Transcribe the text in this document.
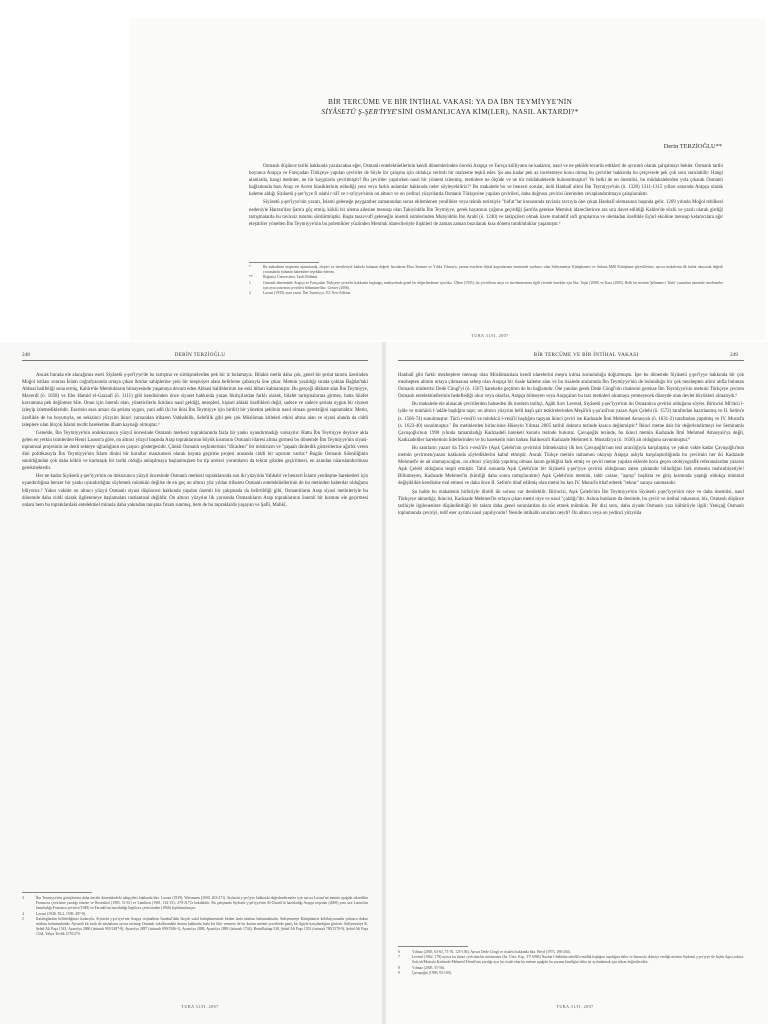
BİR TERCÜME VE BİR İNTİHAL VAKASI: YA DA İBN TEYMİYYE'NİN
SİYÂSETÜ Ş-ŞER'İYYE'SİNİ OSMANLICAYA KİM(LER), NASIL AKTARDI?*
Derin TERZİOĞLU**

Osmanlı düşünce tarihi hakkında yazılacaksa eğer, Osmanlı entelektüellerinin kendi dönemlerinden önceki Arapça ve Farsça külliyatın ne kadarını, nasıl ve ne şekilde tevarüs ettikleri de ayrıntılı olarak çalışılmayı bekler. Osmanlı tarihi boyunca Arapça ve Farsçadan Türkçeye yapılan çeviriler de böyle bir çalışma için oldukça verimli bir malzeme teşkil eder. Şu ana kadar pek az incelemeye konu olmuş bu çeviriler hakkında bu çerçevede pek çok soru sorulabilir: Hangi alanlarda, hangi metinler, ne tür kaygılarla çevrilmiştir? Bu çeviriler yapılırken nasıl bir yöntem izlenmiş, metinlere ne ölçüde ve ne tür müdahalelerde bulunulmuştur? Ve belki de en önemlisi, bu müdahalelerden yola çıkarak Osmanlı bağlamında bazı Arap ve Acem klasiklerinin edindiği yeni veya farklı anlamlar hakkında neler söyleyebiliriz?¹ Bu makalede bu ve benzeri sorular, ünlü Hanbalî alimi İbn Teymiyye'nin (ö. 1328) 1311-1315 yılları arasında Arapça olarak kaleme aldığı Siyâsetü ş-şer'iyye fi ıslahi r-râ'î ve r-ra'iyye'sinin on altıncı ve on yedinci yüzyıllarda Osmanlı Türkçesine yapılan çevirileri, daha doğrusu çevirisi üzerinden cevaplandırılmaya çalışılacaktır.

Siyâsetü ş-şer'iyye'nin yazarı, İslami geleneğe peygamber zamanından sonra eklemlenen yenilikler veya teknik terimiyle "bid'at"lar konusunda tavizsiz tavrıyla öne çıkan Hanbalî ulemasının başında gelir. 1269 yılında Moğol tehlikesi nedeniyle Harran'dan Şam'a göç etmiş, köklü bir ulema ailesine mensup olan Takiyüddin İbn Teymiyye, gerek hayatının çoğunu geçirdiği Şam'da gerekse Memluk idarecilerince ara sıra davet edildiği Kahire'de sözlü ve yazılı olarak girdiği tartışmalarda bu tavizsiz tutumu sürdürmüştür. Başta tasavvufî geleneğin önemli isimlerinden Muhyiddin İbn Arabî (ö. 1240) ve takipçileri olmak üzere muhtelif sufi gruplarına ve ulemadan özellikle Eş'arî ekolüne mensup kelamcılara ağır eleştiriler yönelten İbn Teymiyye'nin bu polemikler yüzünden Memluk idarecileriyle ilişkileri de zaman zaman bozularak kısa dönem tutukluluklar yaşamıştır.²

*	Bu makalenin araştırma aşamasında, eleştiri ve önerileriyle katkıda bulunan değerli hocalarım Ebru Sönmez ve Yıldız Yılmaz'a, yazma eserlerin dijital kopyalarının temininde yardımcı olan Süleymaniye Kütüphanesi ve Ankara Millî Kütüphane görevlilerine, ayrıca makalenin ilk halini okuyarak değerli yorumlarda bulunan hakemlere teşekkür ederim.
**	Boğaziçi Üniversitesi, Tarih Bölümü.
1	Osmanlı döneminde Arapça ve Farsçadan Türkçeye çeviriler hakkında başlangıç mahiyetinde genel bir değerlendirme için bkz. Ülken (1935); bu çevirilerin neşri ve incelenmesinin ilgili yerinde örnekler için bkz. Taşkı (2000) ve Kara (2005). Belli bir metnin 'Şehname-i Türki' yazımları üzerinde incelemeler için ayrıca metnin çevirileri bölümüne bkz. Gencer (2006).
2	Laoust (1939), aynı yazar, 'İbn Taymiyya,' EI, New Edition.
TUBA 31/II, 2007
248	DERİN TERZİOĞLU

Ancak burada ele alacağımız eseri Siyâsetü ş-şer'iyye'de bu tartışma ve sürtüşmelerden pek bir iz bulamayız. Bilakis metin daha çok, genel bir şeriat tanımı üzerinden Moğol istilası sonrası İslam coğrafyasında ortaya çıkan iktidar sahiplerine yeni bir meşruiyet alanı belirleme çabasıyla öne çıkar. Metnin yazıldığı sırada çoktan Bağdat'taki Abbasi halifeliği sona ermiş, Kahire'de Memlukların himayesinde yaşamaya devam eden Abbasi halifelerinin ise eski itibarı kalmamıştır. Bu gerçeği dikkate alan İbn Teymiyye, Maverdî (ö. 1058) ve Ebu Hamid el-Gazzalî (ö. 1111) gibi kendisinden önce siyaset hakkında yazan fıkıhçılardan farklı olarak, hilafet tartışmalarına girmez, hatta hilafet kavramına pek değinmez bile. Onun için önemli olan, yöneticilerin iktidara nasıl geldiği, nesepleri, kişisel ahlaki özellikleri değil, sadece ve sadece şeriata uygun bir siyaset izleyip izlemedikleridir. Eserinin esas amacı da şeriata uygun, yani adil (ki bu ikisi İbn Teymiyye için birdir) bir yönetim şeklinin nasıl olması gerektiğini saptamaktır. Metin, özellikle de bu boyutuyla, on sekizinci yüzyılın ikinci yarısından itibaren Vahhabilik, Selefilik gibi pek çok Müslüman kitleleri etkisi altına alan ve siyasi alanda da ciddi taleplere olan birçok İslami tecdit hareketine ilham kaynağı olmuştur.³

Genelde, İbn Teymiyye'nin ondokuzuncu yüzyıl öncesinde Osmanlı merkezi topraklarında fazla bir yankı uyandırmadığı varsayılır. Hatta İbn Teymiyye deyince akla gelen en yetkin isimlerden Henri Laoust'a göre, on altıncı yüzyıl başında Arap topraklarının büyük kısmının Osmanlı idaresi altına girmesi bu dönemde İbn Teymiyye'nin siyasi-toplumsal projesinin ne denli sekteye uğradığının en çarpıcı göstergesidir. Çünkü Osmanlı seçkinlerinin "dîcadeni" bir mistisizm ve "şaşaalı dinlerdik gösterilerine ağırlık veren dini politikasıyla İbn Teymiyye'nin İslam dinini bir kurallar manzumesi olarak hayata geçirme projesi arasında ciddi bir uçurum vardır.⁴ Bugün Osmanlı Sünniliğinin sanıldığından çok daha köklü ve karmaşık bir tarihi olduğu anlaşılmaya başlanmışken bu tip aceleci yorumların da tekrar gözden geçirilmesi, en azından nüanslandırılması gerekmektedir.

Her ne kadar Siyâsetü ş-şer'iyye'nin on dokuzuncu yüzyıl öncesinde Osmanlı merkezi topraklarında son iki yüzyılda Vahhabi ve benzeri İslami yenileşme hareketleri için uyandırdığına benzer bir yankı uyandırdığını söylemek mümkün değilse de en geç on altıncı yüz yıldan itibaren Osmanlı entelektüellerinin de bu metinden haberdar olduğunu biliyoruz.⁵ Yakın vakitte on altıncı yüzyıl Osmanlı siyasi düşüncesi hakkında yapılan önemli bir çalışmada da belirtildiği gibi, Osmanlıların Arap siyasi metinleriyle bu dönemde daha ciddi olarak ilgilenmeye başlamaları rastlantısal değildir. On altıncı yüzyılın ilk yarısında Osmanlıların Arap topraklarının önemli bir kısmını ele geçirmesi onlara hem bu topraklardaki entelektüel mirasla daha yakından tanışma fırsatı sunmuş, hem de bu topraklarda yaşayan ve Şafiî, Malikî,

3	İbn Teymiyye'nin görüşlerinin daha önceki dönemlerdeki takipçileri hakkında bkz. Laoust (1939); Weismann (2000, 263-271). Siyâsetü ş-şer'iyye hakkında değerlendirmeler için ayrıca Laoust'un metnin aşağıda zikredilen Fransızca çevirisine yazdığı önsöze ve Rosenthal (1985, 51-61) ve Lambton (1981, 143-151; 278-317)'a bakılabilir. Bu çalışmada Siyâsetü ş-şer'iyye'nin Al-Gharib'in hazırladığı Arapça neşrinin (2000) yanı sıra Laoust'un hazırladığı Fransızca çevirisi (1948) ve Farrukh'un hazırladığı İngilizce çevirisinden (1966) faydalanılmıştır.
4	Laoust (1948, XL2, 1939, 497-8).
5	Kataloglardan belirlediğimiz kadarıyla, Siyâsetü ş-şer'iyye'nin Arapça orijinalinin İstanbul'daki birçok vakıf kütüphanesinde birden fazla nüshası bulunmaktadır. Süleymaniye Kütüphanesi koleksiyonunda yalnızca dokuz nüshası bulunmaktadır. Ayrıntılı bir tarih ile nüshaların ayrıca mensup Osmanlı vakıflarındaki durum hakkında fazla bir fikir vermese de bu durum metnin çevrelerde geniş bir ilgiyle karşılandığını gösterir. Süleymaniye K. Şehid Ali Paşa 1543, Ayasofya 2886 (istinsah 993/1487-8), Ayasofya 2887 (istinsah 899/1586-1), Ayasofya 2888, Ayasofya 2889 (istinsah 1744), Reisülküttap 528, Şehid Ali Paşa 1553 (istinsah 780/1378-9), Şehid Ali Paşa 1544, Yahya Tevfik 1570/270.
TUBA 31/II, 2007
BİR TERCÜME VE BİR İNTİHAL VAKASI	249

Hanbalî gibi farklı mezheplere mensup olan Müslümanlara kendi idarelerini meşru kılma zorunluluğu doğurmuştu. İşte bu dönemde Siyâsetü ş-şer'iyye hakkında bir çok mezhepten alimin ortaya çıkmasına sebep olan Arapça bir risale kaleme alan ve bu risalede aralarında İbn Teymiyye'nin de bulunduğu bir çok mezhepten alimi atıfla bulunan Osmanlı müderrisi Dede Cöngî'yi (ö. 1567) hareketle geçtiren de bu bağlamdır. Öte yandan gerek Dede Cöngî'nin risalesini gerekse İbn Teymiyye'nin metnini Türkçeye çeviren Osmanlı entelektüellerinin hedeflediği okur veya okurlar, Arapça bilmeyen veya Arapçaları bu tarz metinleri okumaya yetmeyecek düzeyde olan devlet büyükleri olmalıydı.⁶

Bu makalede ele alınacak çevirilerden bahseden ilk modern tarihçi, Agâh Sırrı Levend, Siyâsetü ş-şer'iyye'nin iki Osmanlıca çevirisi olduğunu söyler. Birincisi Mi'râcü l-iyâle ve minhâcü l-'adâle başlığını taşır; on altıncı yüzyılın belli başlı şair tezkirelerinden Meşâ'irü ş-şu'arâ'nın yazarı Aşık Çelebi (ö. 1572) tarafından hazırlanmış ve II. Selim'e (s. 1566-74) sunulmuştur. Tâcü r-resâ'il ve minhâcü l-vesâ'il başlığını taşıyan ikinci çeviri ise Kadızade İlmi Mehmed Amasyalı (ö. 1631-2) tarafından yapılmış ve IV. Murad'a (s. 1623-40) sunulmuştur.⁷ Bu metinlerden birincisine Hüseyin Yılmaz 2005 tarihli doktora tezinde kısaca değinmiştir.⁸ İkinci metne dair bir değerlendirmeyi ise Semiramis Çavuşoğlu'nun 1990 yılında tamamladığı Kadızadeli hareketi konulu tezinde buluruz. Çavuşoğlu tezinde, bu ikinci metnin Kadızade İlmi Mehmed Amasyalı'ya değil, Kadızadeliler hareketinin liderlerinden ve bu hareketin isim babası Balıkesirli Kadızade Mehmed b. Mustafa'ya (ö. 1636) ait olduğunu savunmuştur.⁹

Bu satırların yazarı da Tâcü r-resâ'il'e (Aşık Çelebi'nin çevirisini bilmeksizin) ilk kez Çavuşoğlu'nun tezi aracılığıyla karşılaşmış ve yakın vakte kadar Çavuşoğlu'nun metnin çevirmen/yazarı hakkında söylediklerini kabul etmiştir. Ancak Türkçe metnin tamamını okuyup Arapça aslıyla karşılaştırdığında bu çevirinin her iki Kadızade Mehmed'e de ait olamayacağını, on altıncı yüzyılda yapılmış olması lazım geldiğini fark etmiş ve çeviri metne yapılan eklerde hoca geçen otobiyografik referanslardan yazarın Aşık Çelebi olduğunu tespit etmiştir. Tabii sonunda Aşık Çelebi'nin bir Siyâsetü ş-şer'iyye çevirisi olduğunun zaten çoktandır bilindiğini fark etmenin mahcubiyetiyle! Bilinmeyen, Kadızade Mehmed'in (kimliği daha sonra tartışılacaktır) Aşık Çelebi'nin metnini, tabir caizse, "aşırıp" başlıkta ve giriş kısmında yaptığı oldukça minimal değişiklikle kendisine mal etmesi ve daha önce II. Selim'e ithaf edilmiş olan metni bu kez IV. Murad'a ithaf ederek "tekrar" saraya sunmasıdır.

Şu halde bu makalenin birbiriyle ilintili iki sorusu var denilebilir. Birincisi, Aşık Çelebi'nin İbn Teymiyye'nin Siyâsetü ş-şer'iyye'sini niye ve daha önemlisi, nasıl Türkçeye aktardığı; ikincisi, Kadızade Mehmed'in ortaya çıkan metni niye ve nasıl "çaldığı"dır. Aslına bunların da ötesinde, bu çeviri ve intihal vakasının, biz, Osmanlı düşünce tarihiyle ilgilenenlere düşündürdüğü bir takım daha genel sorunlardan da söz etmek mümkün. Bir dizi soru, daha ziyade Osmanlı yazı kültürüyle ilgili: Yeniçağ Osmanlı toplumunda çeviriyi, telif eser ayrımı nasıl yapılıyordu? Neside intihalin sınırları neydi? On altıncı veya on yedinci yüzyılda

6	Yılmaz (2005, 63-65, 73-76, 125-136); Ayrıca Dede Cöngî ve risalesi hakkında bkz. Heyd (1973, 198-204).
7	Levend (1962, 179) ayrıca bu ikinci çevirinin bir nüshasının (İst. Üniv. Ktp., TY 6966) Nuzhat l-hükkâm tabellü'a-mülûk başlığını taşıdığını ekler ve hatasıyla ikinciyi verdiği metnin Siyâsetü ş-şer'iyye ile hiçbir ilgisi yoktur. Sofyalı/Mustafa Kadızade Mehmed Efendi'nin yazdığı ayrı bir risale olan bu metine aşağıda bu yazının kimliğini daha iyi aydınlatmak için tekrar değinilecektir.
8	Yılmaz (2005, 55-56).
9	Çavuşoğlu (1990, 93-100).
TUBA 31/II, 2007
